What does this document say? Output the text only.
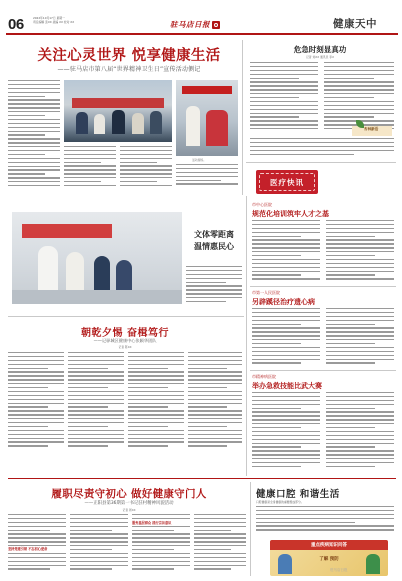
06	2022年10月17日 星期一
责任编辑 张XX 美编 XX 校对 XX	驻马店日报	健康天中
关注心灵世界 悦享健康生活
——驻马店市第八届“世界精神卫生日”宣传活动侧记
活动现场。
危急时刻显真功
记者 刘XX 通讯员 李X
杏林新语
医疗快讯
市中心医院
规范化培训筑牢人才之基
市第一人民医院
另辟蹊径治疗遗心病
市精神病医院
举办急救技能比武大赛
文体零距离
温情惠民心
朝乾夕惕 奋楫笃行
——记驿城区健康中心张颖华团队
记者 陈XX
履职尽责守初心 做好健康守门人
——正阳县第36期第一书记驻村精神风貌活动
记者 周XX
坚持党建引领 不忘初心使命
服务基层群众 践行宗旨意识
健康口腔 和谐生活
口腔健康是全身健康的重要组成部分。
重点疾病知识问答
了解 预防
驻马店日报
